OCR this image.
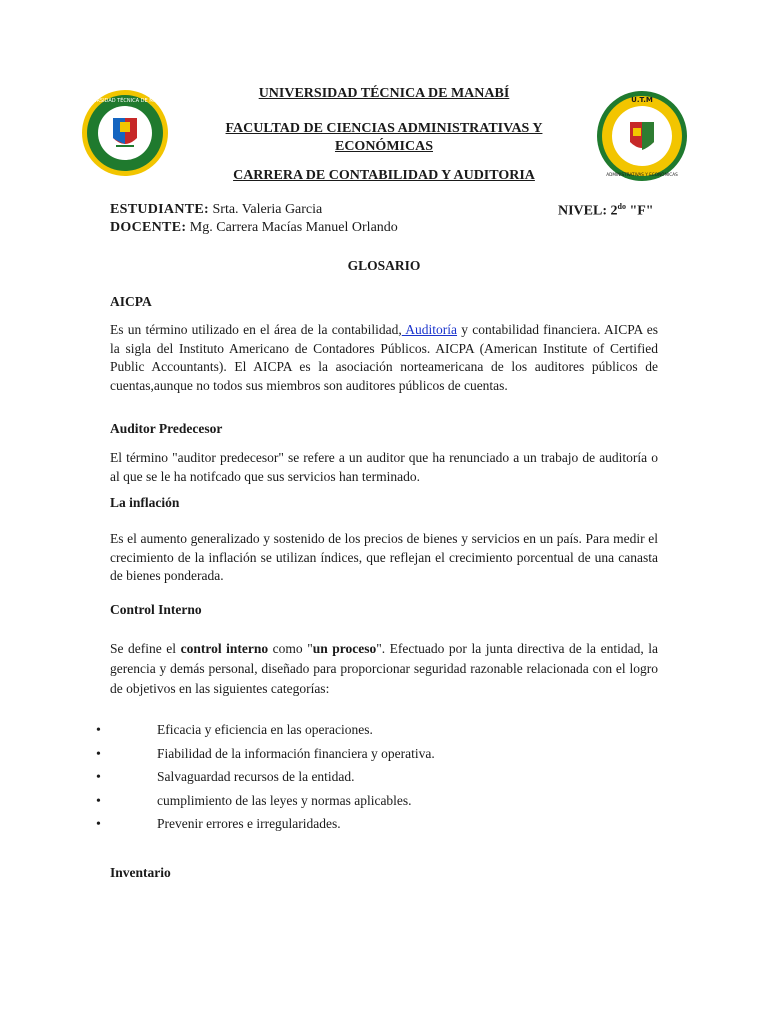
UNIVERSIDAD TÉCNICA DE MANABÍ	U.T.M
ADMINISTRATIVAS Y ECONÓMICAS
UNIVERSIDAD TÉCNICA DE MANABÍ
FACULTAD DE CIENCIAS ADMINISTRATIVAS Y
ECONÓMICAS
CARRERA DE CONTABILIDAD Y AUDITORIA
ESTUDIANTE: Srta. Valeria Garcia	NIVEL: $2^{do}$ "F"
DOCENTE: Mg. Carrera Macías Manuel Orlando
GLOSARIO
AICPA
Es un término utilizado en el área de la contabilidad, Auditoría y contabilidad financiera. AICPA es la sigla del Instituto Americano de Contadores Públicos. AICPA (American Institute of Certified Public Accountants). El AICPA es la asociación norteamericana de los auditores públicos de cuentas,aunque no todos sus miembros son auditores públicos de cuentas.
Auditor Predecesor
El término "auditor predecesor" se refere a un auditor que ha renunciado a un trabajo de auditoría o al que se le ha notifcado que sus servicios han terminado.
La inflación
Es el aumento generalizado y sostenido de los precios de bienes y servicios en un país. Para medir el crecimiento de la inflación se utilizan índices, que reflejan el crecimiento porcentual de una canasta de bienes ponderada.
Control Interno
Se define el control interno como "un proceso". Efectuado por la junta directiva de la entidad, la gerencia y demás personal, diseñado para proporcionar seguridad razonable relacionada con el logro de objetivos en las siguientes categorías:
•	Eficacia y eficiencia en las operaciones.
•	Fiabilidad de la información financiera y operativa.
•	Salvaguardad recursos de la entidad.
•	cumplimiento de las leyes y normas aplicables.
•	Prevenir errores e irregularidades.
Inventario
